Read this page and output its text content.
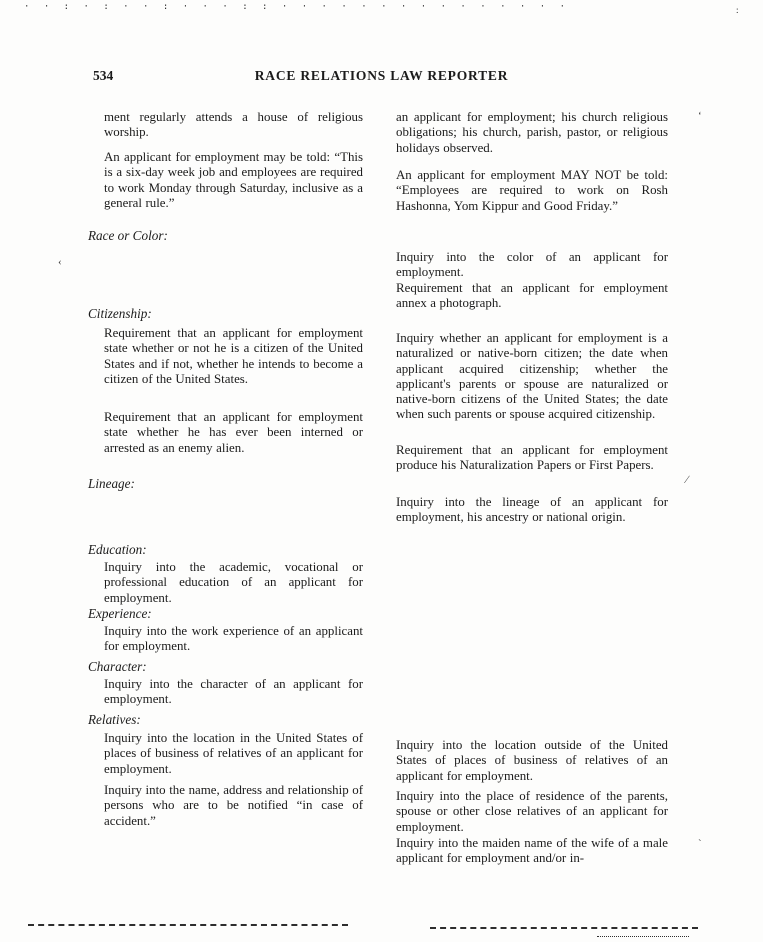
· · : · : · · : · · · : : · · · · · · · · · · · · · · ·	:
‘
‹
∕
`
534	RACE RELATIONS LAW REPORTER
ment regularly attends a house of religious worship.
An applicant for employment may be told: “This is a six-day week job and employees are required to work Monday through Saturday, inclusive as a general rule.”
Race or Color:
Citizenship:
Requirement that an applicant for employment state whether or not he is a citizen of the United States and if not, whether he intends to become a citizen of the United States.
Requirement that an applicant for employment state whether he has ever been interned or arrested as an enemy alien.
Lineage:
Education:
Inquiry into the academic, vocational or professional education of an applicant for employment.
Experience:
Inquiry into the work experience of an applicant for employment.
Character:
Inquiry into the character of an applicant for employment.
Relatives:
Inquiry into the location in the United States of places of business of relatives of an applicant for employment.
Inquiry into the name, address and relationship of persons who are to be notified “in case of accident.”
an applicant for employment; his church religious obligations; his church, parish, pastor, or religious holidays observed.
An applicant for employment MAY NOT be told: “Employees are required to work on Rosh Hashonna, Yom Kippur and Good Friday.”
Inquiry into the color of an applicant for employment.
Requirement that an applicant for employment annex a photograph.
Inquiry whether an applicant for employment is a naturalized or native-born citizen; the date when applicant acquired citizenship; whether the applicant's parents or spouse are naturalized or native-born citizens of the United States; the date when such parents or spouse acquired citizenship.
Requirement that an applicant for employment produce his Naturalization Papers or First Papers.
Inquiry into the lineage of an applicant for employment, his ancestry or national origin.
Inquiry into the location outside of the United States of places of business of relatives of an applicant for employment.
Inquiry into the place of residence of the parents, spouse or other close relatives of an applicant for employment.
Inquiry into the maiden name of the wife of a male applicant for employment and/or in-
